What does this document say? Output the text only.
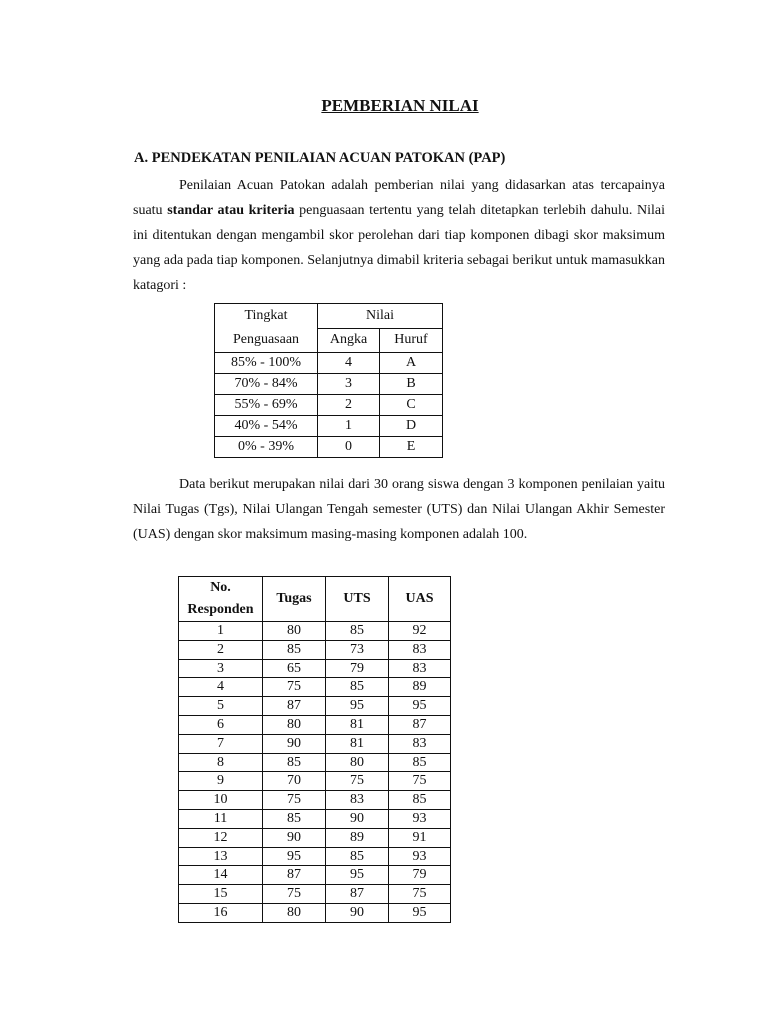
PEMBERIAN NILAI
A. PENDEKATAN PENILAIAN ACUAN PATOKAN (PAP)
Penilaian Acuan Patokan adalah pemberian nilai yang didasarkan atas tercapainya suatu standar atau kriteria penguasaan tertentu yang telah ditetapkan terlebih dahulu. Nilai ini ditentukan dengan mengambil skor perolehan dari tiap komponen dibagi skor maksimum yang ada pada tiap komponen. Selanjutnya dimabil kriteria sebagai berikut untuk mamasukkan katagori :
Tingkat
Penguasaan	Nilai	
	Angka	Huruf
85% - 100%	4	A
70% - 84%	3	B
55% - 69%	2	C
40% - 54%	1	D
0% - 39%	0	E
Data berikut merupakan nilai dari 30 orang siswa dengan 3 komponen penilaian yaitu Nilai Tugas (Tgs), Nilai Ulangan Tengah semester (UTS) dan Nilai Ulangan Akhir Semester (UAS) dengan skor maksimum masing-masing komponen adalah 100.
No.
Responden	Tugas	UTS	UAS
1	80	85	92
2	85	73	83
3	65	79	83
4	75	85	89
5	87	95	95
6	80	81	87
7	90	81	83
8	85	80	85
9	70	75	75
10	75	83	85
11	85	90	93
12	90	89	91
13	95	85	93
14	87	95	79
15	75	87	75
16	80	90	95
